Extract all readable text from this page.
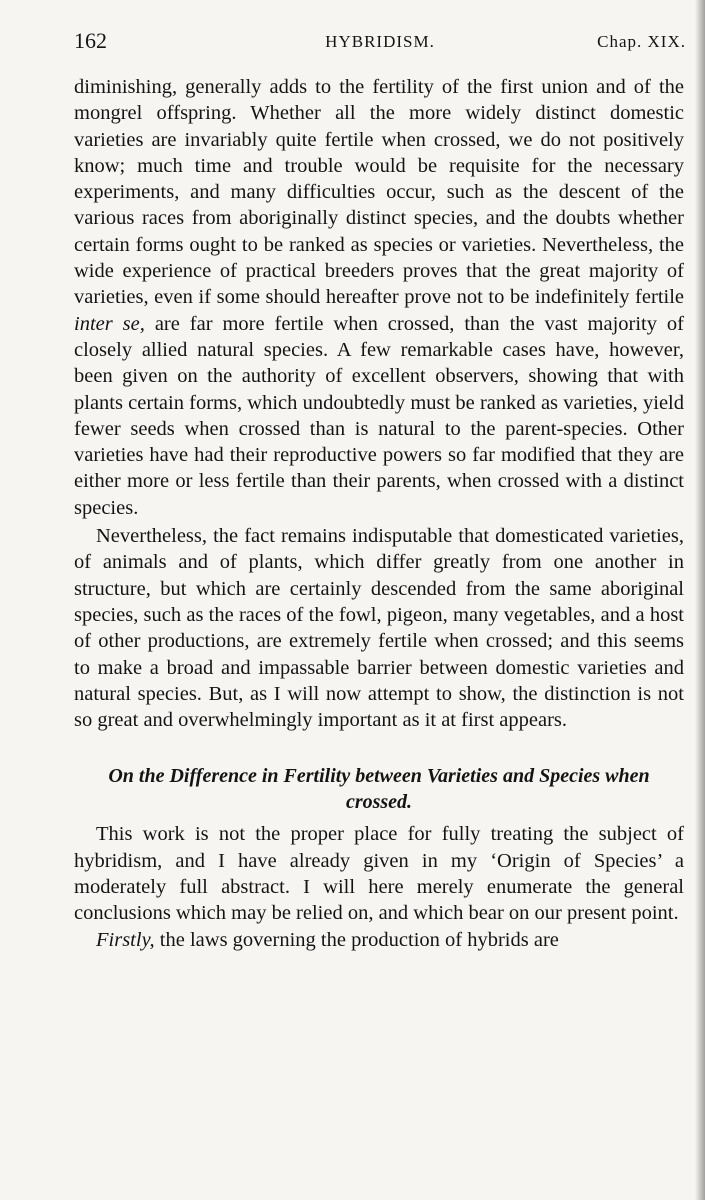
162	HYBRIDISM.	Chap. XIX.

diminishing, generally adds to the fertility of the first union and of the mongrel offspring. Whether all the more widely distinct domestic varieties are invariably quite fertile when crossed, we do not positively know; much time and trouble would be requisite for the necessary experiments, and many difficulties occur, such as the descent of the various races from aboriginally distinct species, and the doubts whether certain forms ought to be ranked as species or varieties. Nevertheless, the wide experience of practical breeders proves that the great majority of varieties, even if some should hereafter prove not to be indefinitely fertile inter se, are far more fertile when crossed, than the vast majority of closely allied natural species. A few remarkable cases have, however, been given on the authority of excellent observers, showing that with plants certain forms, which undoubtedly must be ranked as varieties, yield fewer seeds when crossed than is natural to the parent-species. Other varieties have had their reproductive powers so far modified that they are either more or less fertile than their parents, when crossed with a distinct species.

Nevertheless, the fact remains indisputable that domesticated varieties, of animals and of plants, which differ greatly from one another in structure, but which are certainly descended from the same aboriginal species, such as the races of the fowl, pigeon, many vegetables, and a host of other productions, are extremely fertile when crossed; and this seems to make a broad and impassable barrier between domestic varieties and natural species. But, as I will now attempt to show, the distinction is not so great and overwhelmingly important as it at first appears.

On the Difference in Fertility between Varieties and Species when
crossed.

This work is not the proper place for fully treating the subject of hybridism, and I have already given in my ‘Origin of Species’ a moderately full abstract. I will here merely enumerate the general conclusions which may be relied on, and which bear on our present point.

Firstly, the laws governing the production of hybrids are
